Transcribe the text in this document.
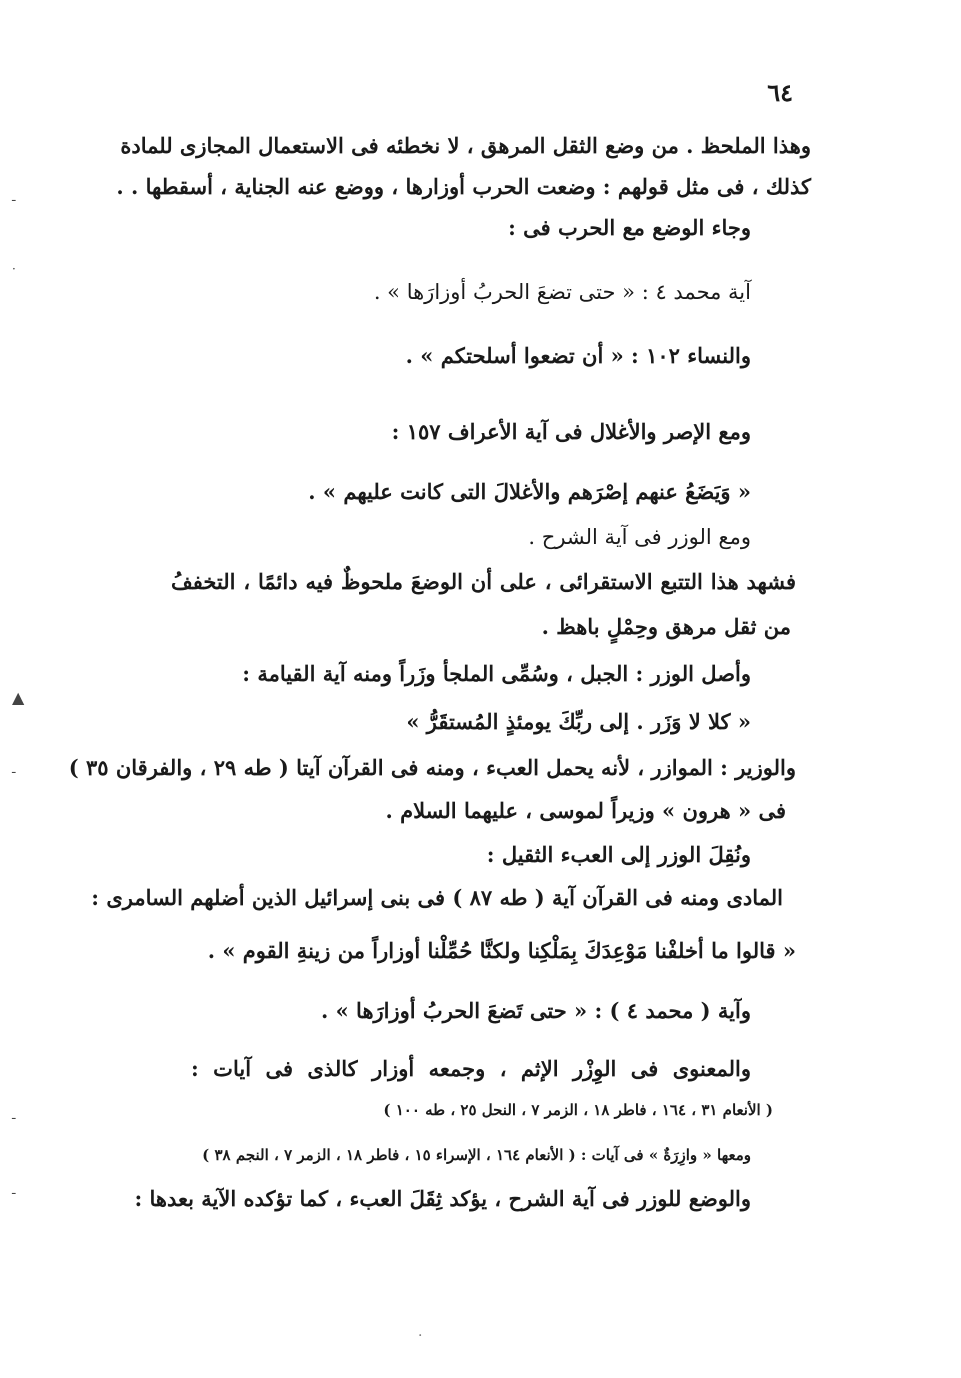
٦٤
وهذا الملحظ . من وضع الثقل المرهق ، لا نخطئه فى الاستعمال المجازى للمادة
كذلك ، فى مثل قولهم : وضعت الحرب أوزارها ، ووضع عنه الجناية ، أسقطها . .
وجاء الوضع مع الحرب فى :
آية محمد ٤ : « حتى تضعَ الحربُ أوزارَها » .
والنساء ١٠٢ : « أن تضعوا أسلحتكم » .
ومع الإصر والأغلال فى آية الأعراف ١٥٧ :
« وَيَضَعُ عنهم إصْرَهم والأغلالَ التى كانت عليهم » .
ومع الوزر فى آية الشرح .
فشهد هذا التتبع الاستقرائى ، على أن الوضعَ ملحوظٌ فيه دائمًا ، التخففُ
من ثقل مرهق وحِمْلٍ باهظ .
وأصل الوزر : الجبل ، وسُمِّى الملجأ وزَراً ومنه آية القيامة :
« كلا لا وَزَر . إلى ربِّكَ يومئذٍ المُستقَرُّ »
والوزير : الموازر ، لأنه يحمل العبء ، ومنه فى القرآن آيتا ( طه ٢٩ ، والفرقان ٣٥ )
فى « هرون » وزيراً لموسى ، عليهما السلام .
ونُقِلَ الوزر إلى العبء الثقيل :
المادى ومنه فى القرآن آية ( طه ٨٧ ) فى بنى إسرائيل الذين أضلهم السامرى :
« قالوا ما أخلفْنا مَوْعِدَكَ بِمَلْكِنا ولكنَّا حُمِّلْنا أوزاراً من زينةِ القوم » .
وآية ( محمد ٤ ) : « حتى تَضعَ الحربُ أوزارَها » .
والمعنوى فى الوِزْر الإثم ، وجمعه أوزار كالذى فى آيات :
( الأنعام ٣١ ، ١٦٤ ، فاطر ١٨ ، الزمر ٧ ، النحل ٢٥ ، طه ١٠٠ )
ومعها « وازِرَةٌ » فى آيات : ( الأنعام ١٦٤ ، الإسراء ١٥ ، فاطر ١٨ ، الزمر ٧ ، النجم ٣٨ )
والوضع للوزر فى آية الشرح ، يؤكد ثِقَلَ العبء ، كما تؤكده الآية بعدها :
ـ
·
▲
ـ
ـ
ـ
·
